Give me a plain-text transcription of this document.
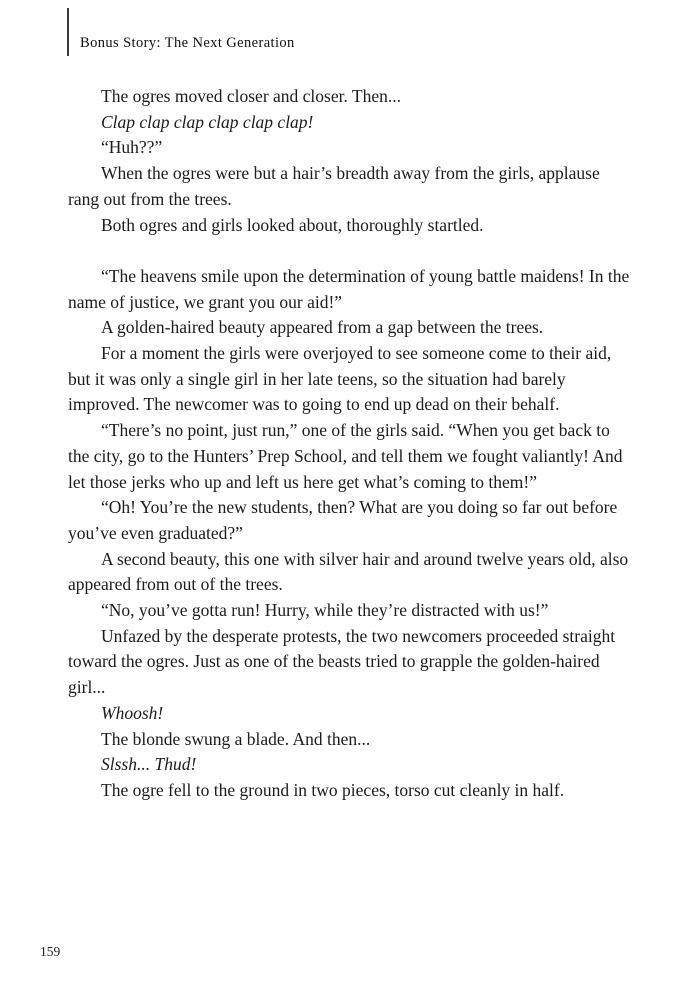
Bonus Story: The Next Generation

The ogres moved closer and closer. Then...

Clap clap clap clap clap clap!

“Huh??”

When the ogres were but a hair’s breadth away from the girls, applause rang out from the trees.

Both ogres and girls looked about, thoroughly startled.

“The heavens smile upon the determination of young battle maidens! In the name of justice, we grant you our aid!”

A golden-haired beauty appeared from a gap between the trees.

For a moment the girls were overjoyed to see someone come to their aid, but it was only a single girl in her late teens, so the situation had barely improved. The newcomer was to going to end up dead on their behalf.

“There’s no point, just run,” one of the girls said. “When you get back to the city, go to the Hunters’ Prep School, and tell them we fought valiantly! And let those jerks who up and left us here get what’s coming to them!”

“Oh! You’re the new students, then? What are you doing so far out before you’ve even graduated?”

A second beauty, this one with silver hair and around twelve years old, also appeared from out of the trees.

“No, you’ve gotta run! Hurry, while they’re distracted with us!”

Unfazed by the desperate protests, the two newcomers proceeded straight toward the ogres. Just as one of the beasts tried to grapple the golden-haired girl...

Whoosh!

The blonde swung a blade. And then...

Slssh... Thud!

The ogre fell to the ground in two pieces, torso cut cleanly in half.

159
